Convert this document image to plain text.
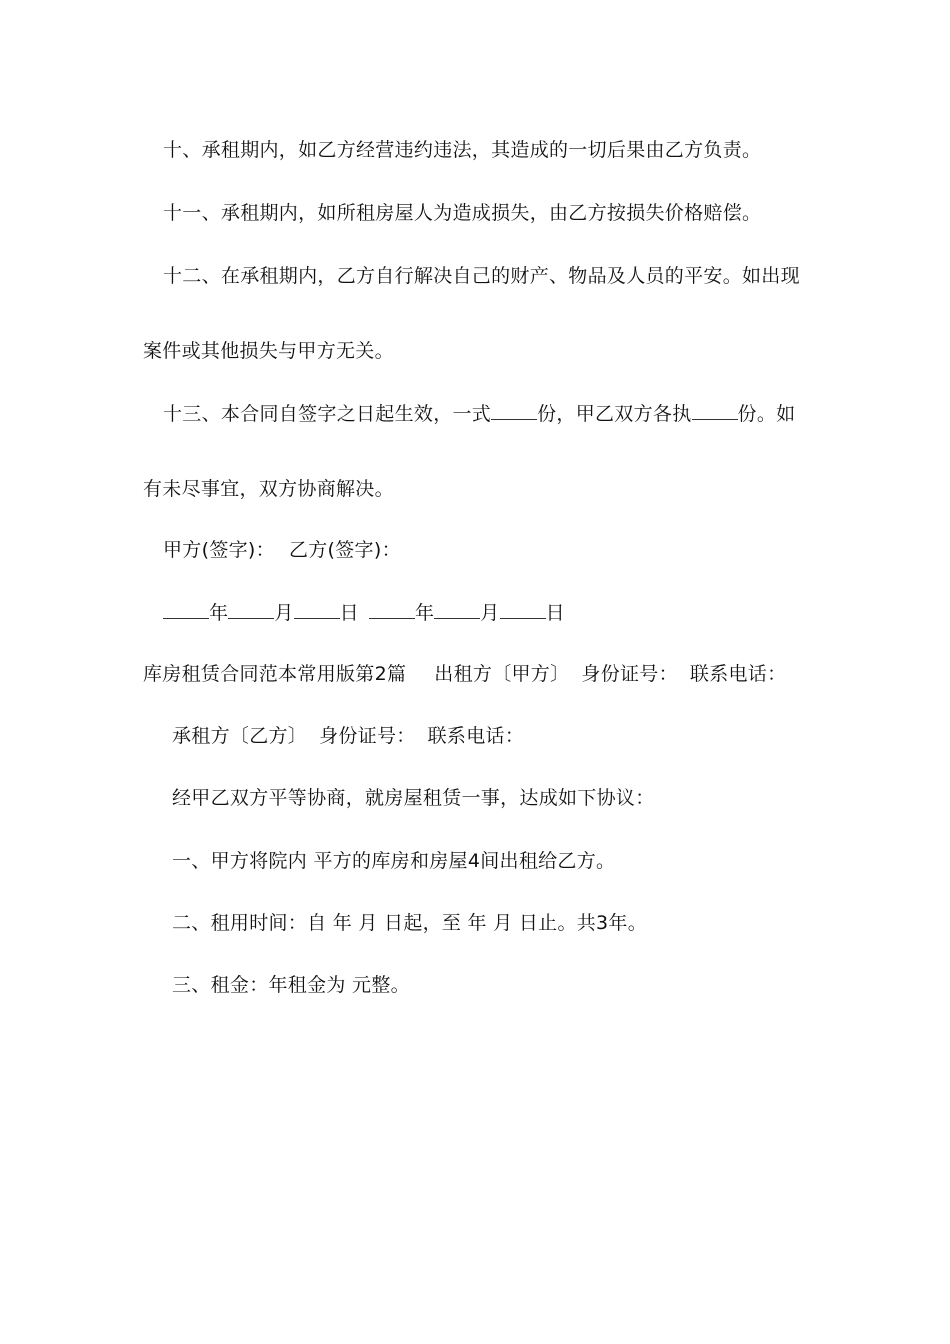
十、承租期内，如乙方经营违约违法，其造成的一切后果由乙方负责。
十一、承租期内，如所租房屋人为造成损失，由乙方按损失价格赔偿。
十二、在承租期内，乙方自行解决自己的财产、物品及人员的平安。如出现
案件或其他损失与甲方无关。
十三、本合同自签字之日起生效，一式 份，甲乙双方各执 份。如
有未尽事宜，双方协商解决。
甲方(签字)： 乙方(签字)：
年 月 日	年 月 日
库房租赁合同范本常用版第2篇 出租方〔甲方〕 身份证号： 联系电话：
承租方〔乙方〕 身份证号： 联系电话：
经甲乙双方平等协商，就房屋租赁一事，达成如下协议：
一、甲方将院内 平方的库房和房屋4间出租给乙方。
二、租用时间：自 年 月 日起，至 年 月 日止。共3年。
三、租金：年租金为 元整。
